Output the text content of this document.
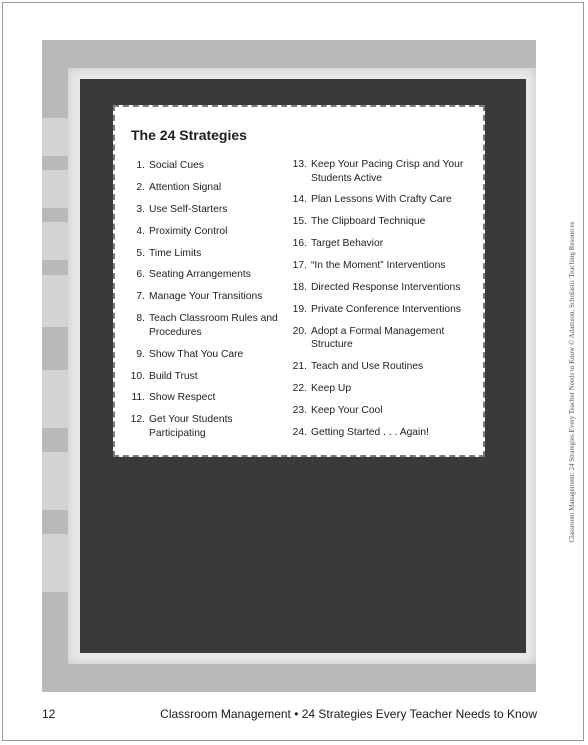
The 24 Strategies
1. Social Cues
2. Attention Signal
3. Use Self-Starters
4. Proximity Control
5. Time Limits
6. Seating Arrangements
7. Manage Your Transitions
8. Teach Classroom Rules and Procedures
9. Show That You Care
10. Build Trust
11. Show Respect
12. Get Your Students Participating
13. Keep Your Pacing Crisp and Your Students Active
14. Plan Lessons With Crafty Care
15. The Clipboard Technique
16. Target Behavior
17. “In the Moment” Interventions
18. Directed Response Interventions
19. Private Conference Interventions
20. Adopt a Formal Management Structure
21. Teach and Use Routines
22. Keep Up
23. Keep Your Cool
24. Getting Started . . . Again!
12	Classroom Management • 24 Strategies Every Teacher Needs to Know
Classroom Management: 24 Strategies Every Teacher Needs to Know © Adamson, Scholastic Teaching Resources
